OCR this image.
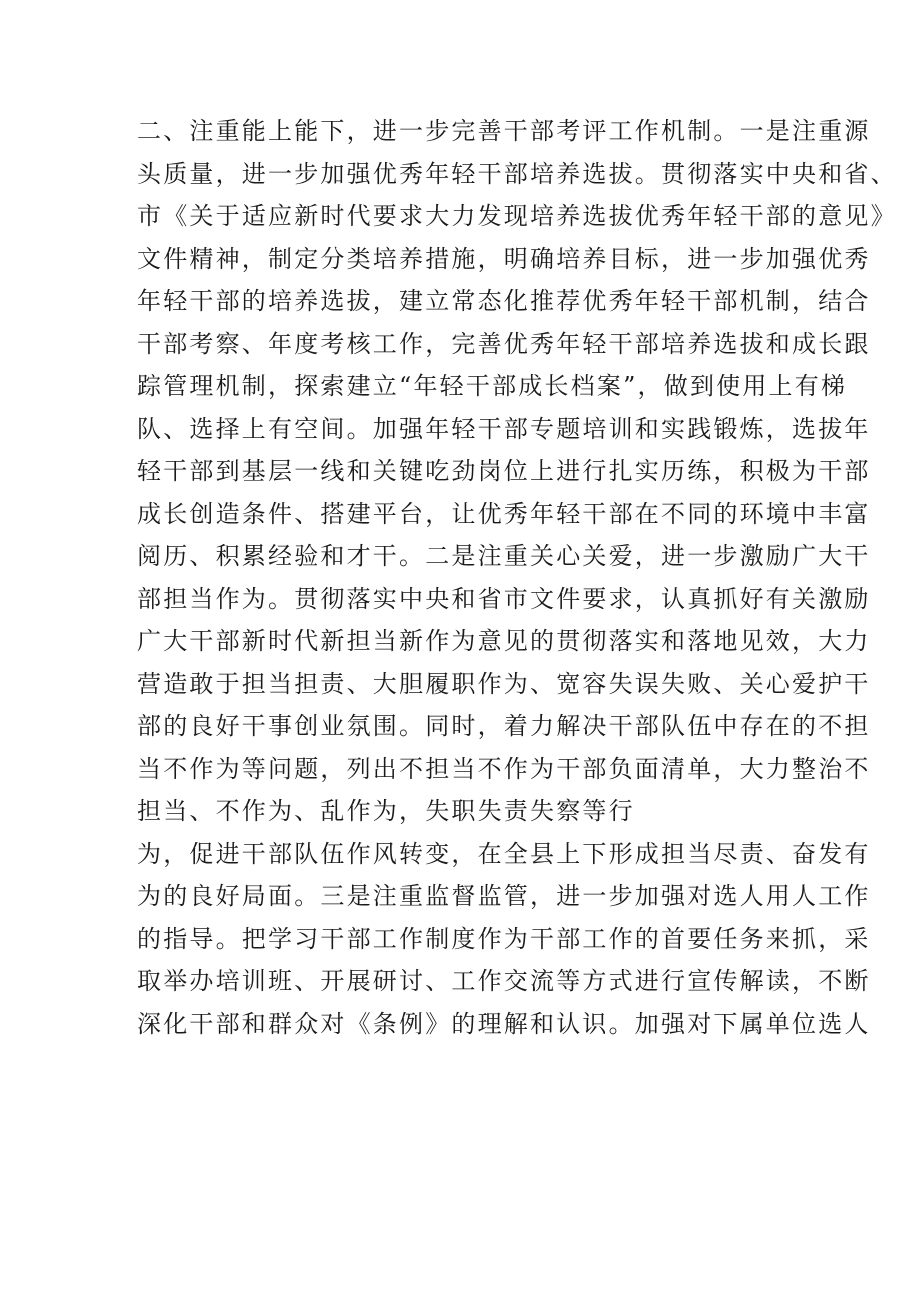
二、注重能上能下，进一步完善干部考评工作机制。一是注重源
头质量，进一步加强优秀年轻干部培养选拔。贯彻落实中央和省、
市《关于适应新时代要求大力发现培养选拔优秀年轻干部的意见》
文件精神，制定分类培养措施，明确培养目标，进一步加强优秀
年轻干部的培养选拔，建立常态化推荐优秀年轻干部机制，结合
干部考察、年度考核工作，完善优秀年轻干部培养选拔和成长跟
踪管理机制，探索建立“年轻干部成长档案”，做到使用上有梯
队、选择上有空间。加强年轻干部专题培训和实践锻炼，选拔年
轻干部到基层一线和关键吃劲岗位上进行扎实历练，积极为干部
成长创造条件、搭建平台，让优秀年轻干部在不同的环境中丰富
阅历、积累经验和才干。二是注重关心关爱，进一步激励广大干
部担当作为。贯彻落实中央和省市文件要求，认真抓好有关激励
广大干部新时代新担当新作为意见的贯彻落实和落地见效，大力
营造敢于担当担责、大胆履职作为、宽容失误失败、关心爱护干
部的良好干事创业氛围。同时，着力解决干部队伍中存在的不担
当不作为等问题，列出不担当不作为干部负面清单，大力整治不
担当、不作为、乱作为，失职失责失察等行
为，促进干部队伍作风转变，在全县上下形成担当尽责、奋发有
为的良好局面。三是注重监督监管，进一步加强对选人用人工作
的指导。把学习干部工作制度作为干部工作的首要任务来抓，采
取举办培训班、开展研讨、工作交流等方式进行宣传解读，不断
深化干部和群众对《条例》的理解和认识。加强对下属单位选人
